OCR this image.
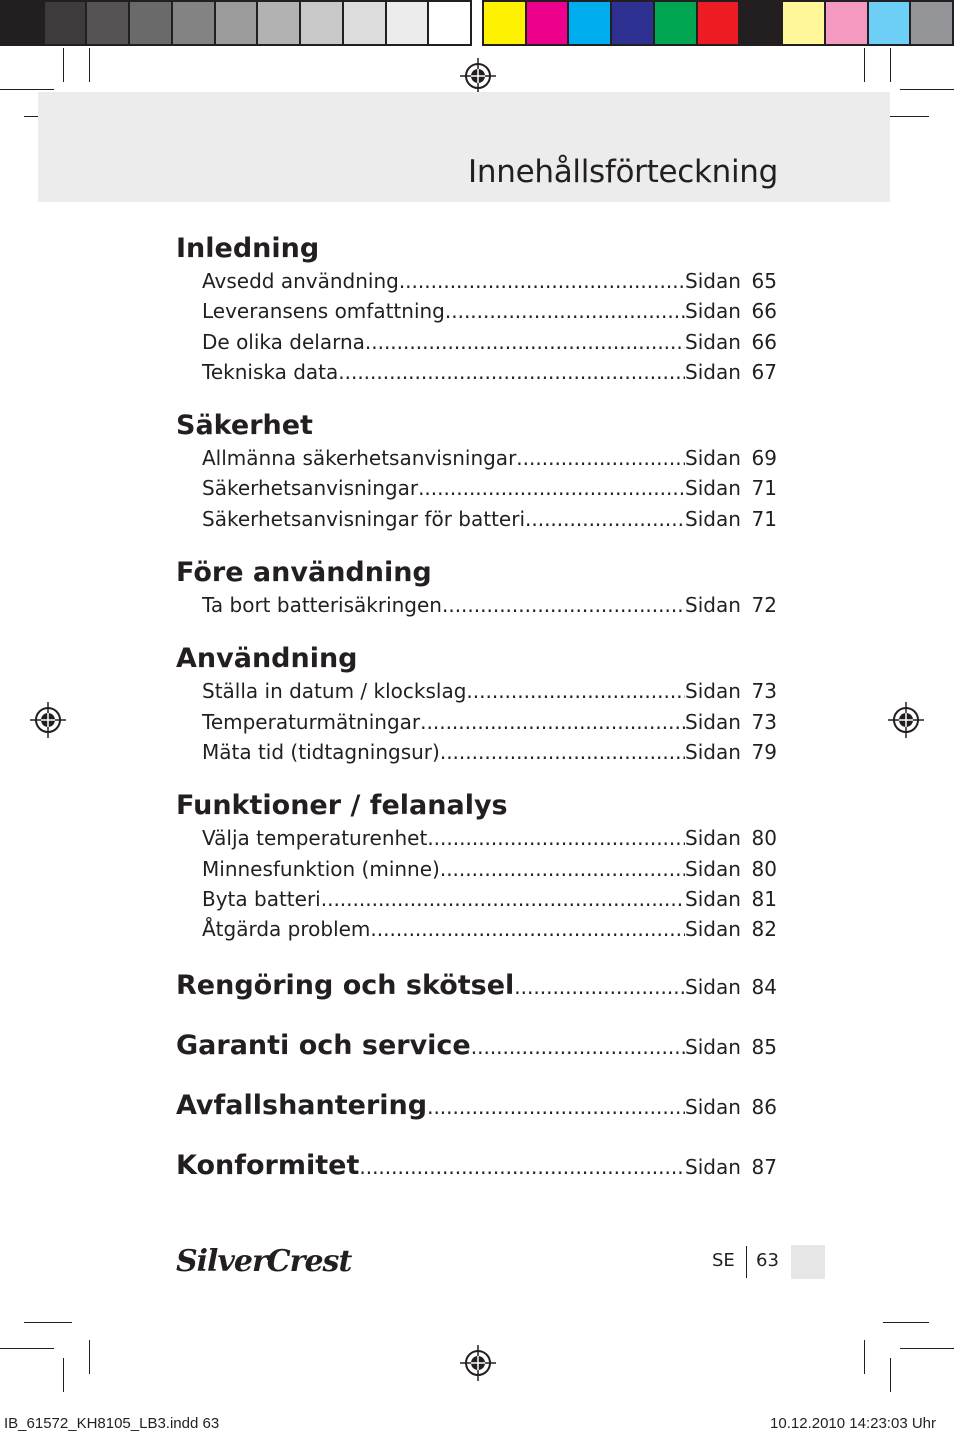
Innehållsförteckning
Inledning
Avsedd användning .....	Sidan 65
Leveransens omfattning .....	Sidan 66
De olika delarna .....	Sidan 66
Tekniska data .....	Sidan 67
Säkerhet
Allmänna säkerhetsanvisningar .....	Sidan 69
Säkerhetsanvisningar .....	Sidan 71
Säkerhetsanvisningar för batteri .....	Sidan 71
Före användning
Ta bort batterisäkringen .....	Sidan 72
Användning
Ställa in datum / klockslag .....	Sidan 73
Temperaturmätningar .....	Sidan 73
Mäta tid (tidtagningsur) .....	Sidan 79
Funktioner / felanalys
Välja temperaturenhet .....	Sidan 80
Minnesfunktion (minne) .....	Sidan 80
Byta batteri .....	Sidan 81
Åtgärda problem .....	Sidan 82
Rengöring och skötsel .....	Sidan 84
Garanti och service .....	Sidan 85
Avfallshantering .....	Sidan 86
Konformitet .....	Sidan 87
SilverCrest	SE 63
IB_61572_KH8105_LB3.indd 63	10.12.2010 14:23:03 Uhr
